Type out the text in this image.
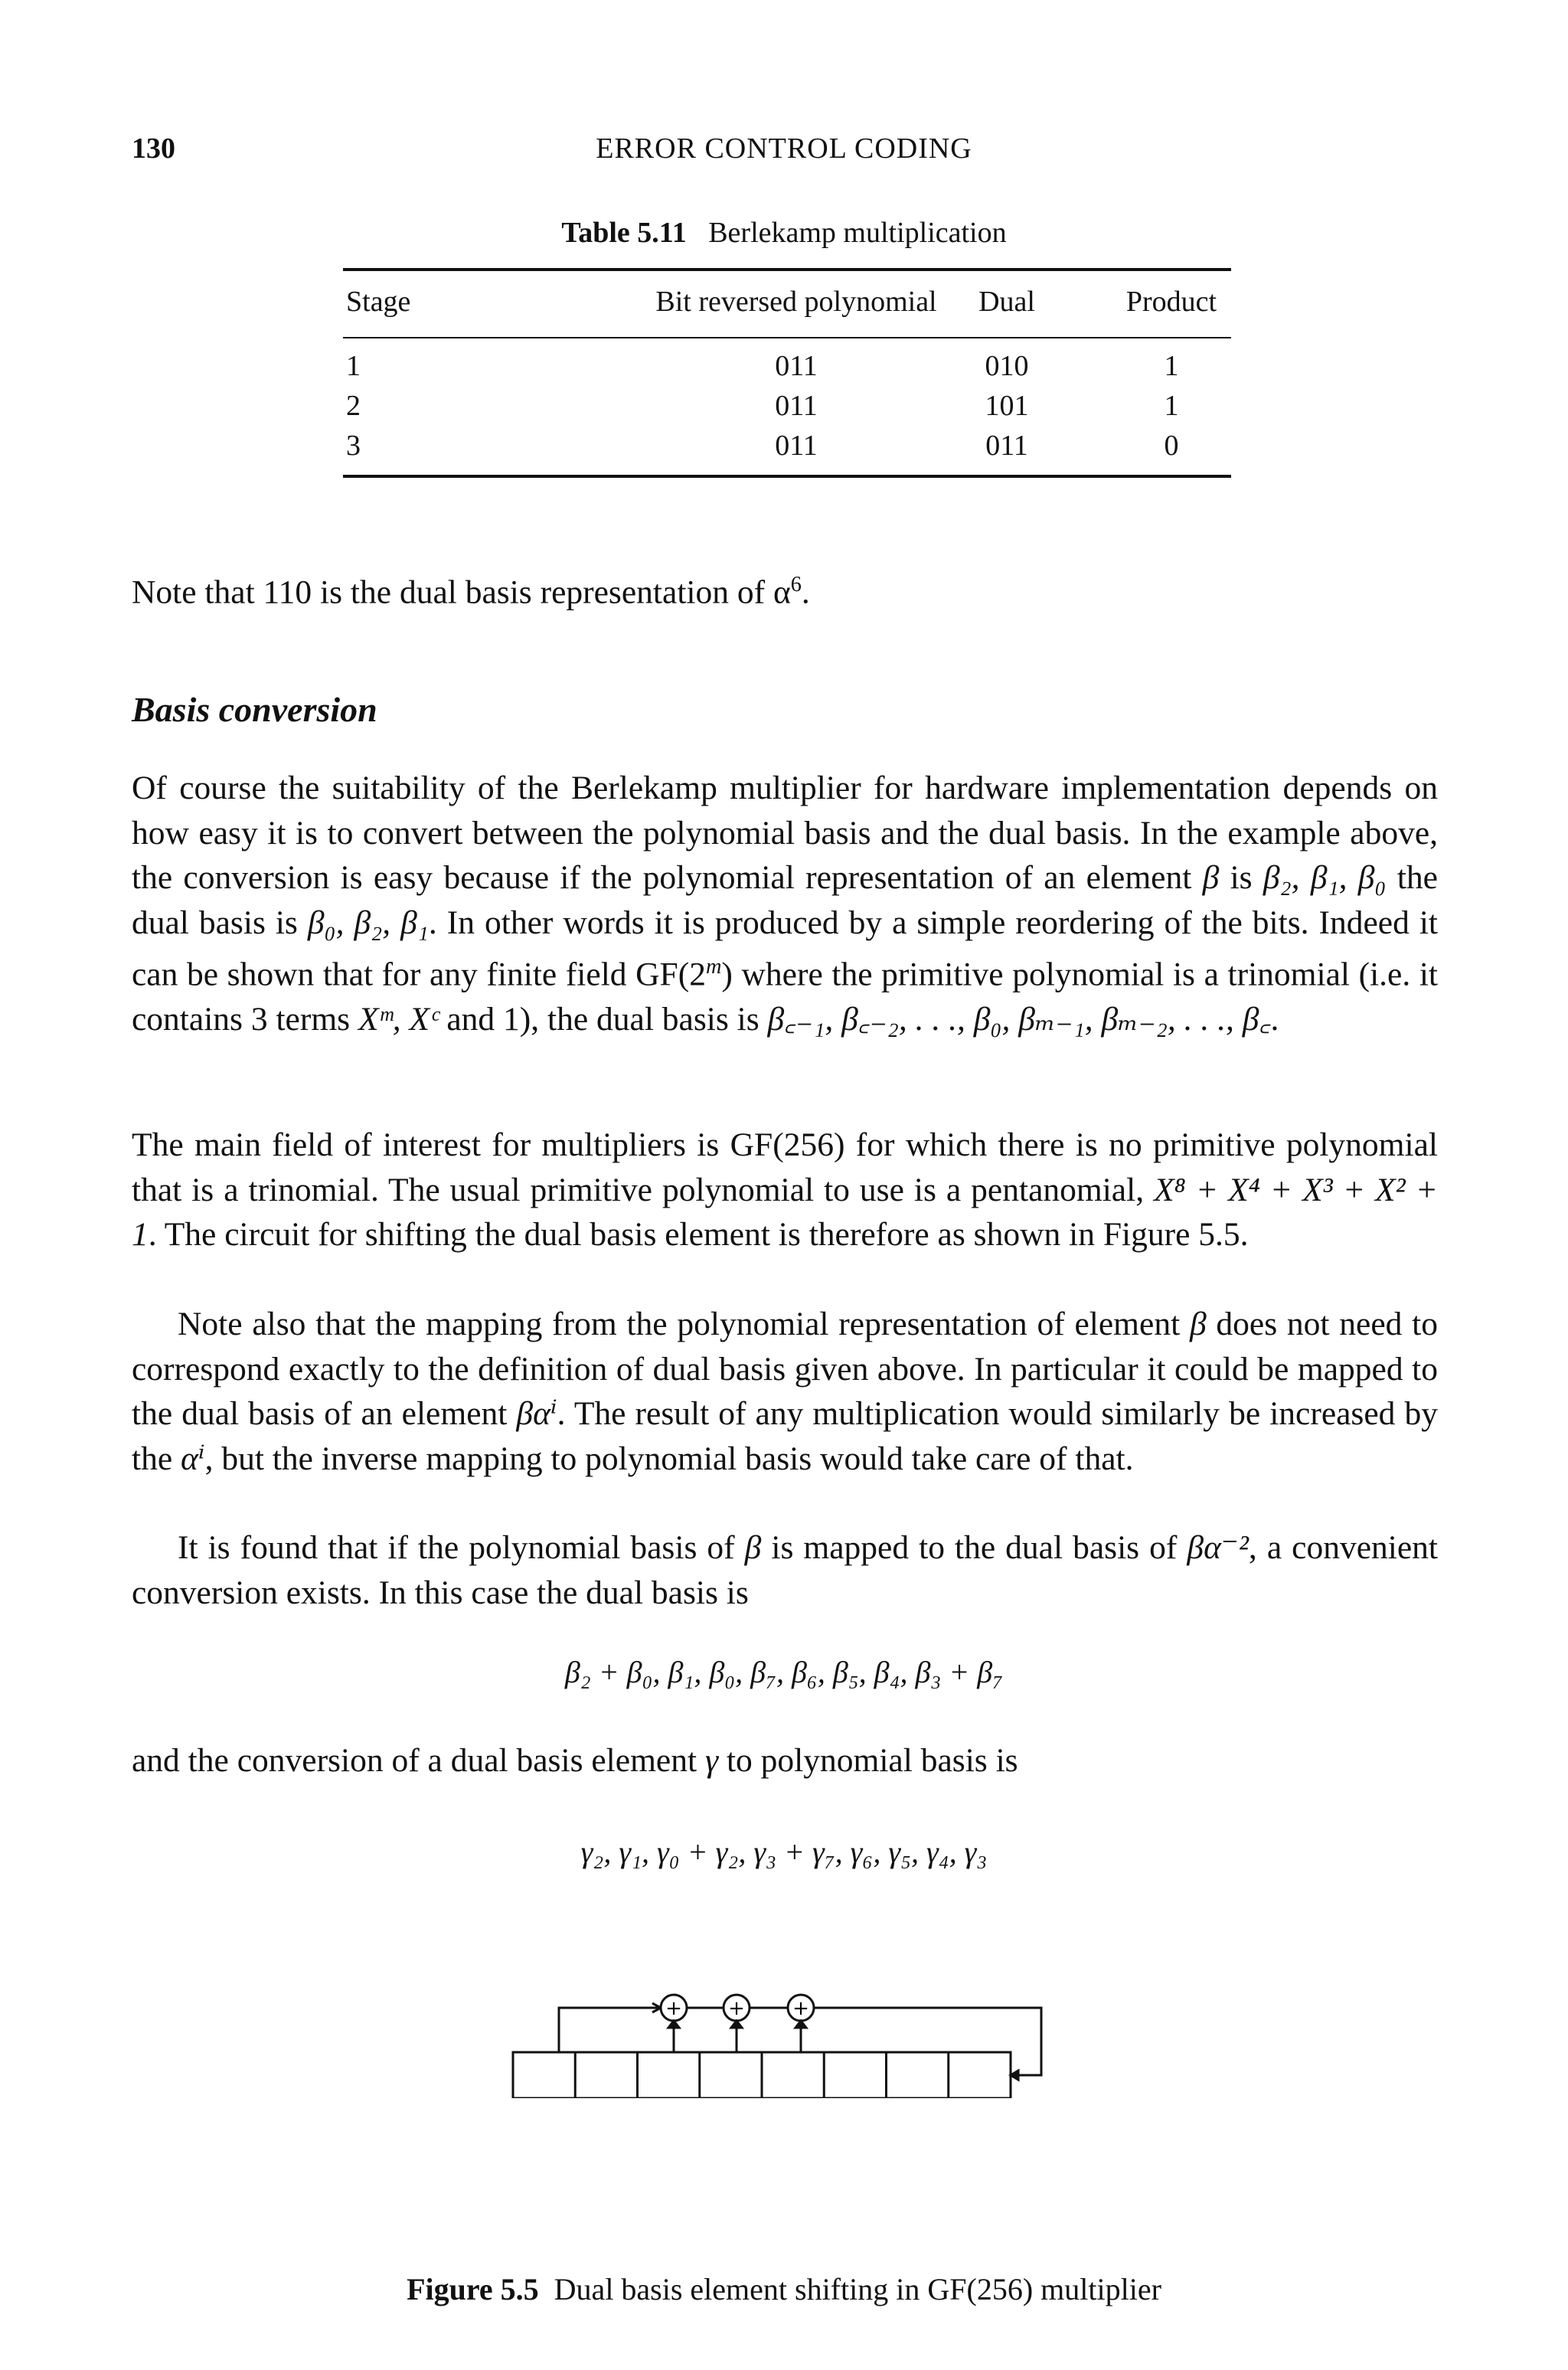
130	ERROR CONTROL CODING
Table 5.11 Berlekamp multiplication
Stage	Bit reversed polynomial	Dual	Product
1	011	010	1
2	011	101	1
3	011	011	0
Note that 110 is the dual basis representation of $\alpha^6$.
Basis conversion
Of course the suitability of the Berlekamp multiplier for hardware implementation depends on how easy it is to convert between the polynomial basis and the dual basis. In the example above, the conversion is easy because if the polynomial representation of an element β is β₂, β₁, β₀ the dual basis is β₀, β₂, β₁. In other words it is produced by a simple reordering of the bits. Indeed it can be shown that for any finite field GF(2$^m$) where the primitive polynomial is a trinomial (i.e. it contains 3 terms Xᵐ, Xᶜ and 1), the dual basis is β꜀₋₁, β꜀₋₂, . . ., β₀, βₘ₋₁, βₘ₋₂, . . ., β꜀.
The main field of interest for multipliers is GF(256) for which there is no primitive polynomial that is a trinomial. The usual primitive polynomial to use is a pentanomial, X⁸ + X⁴ + X³ + X² + 1. The circuit for shifting the dual basis element is therefore as shown in Figure 5.5.
Note also that the mapping from the polynomial representation of element β does not need to correspond exactly to the definition of dual basis given above. In particular it could be mapped to the dual basis of an element βαⁱ. The result of any multiplication would similarly be increased by the αⁱ, but the inverse mapping to polynomial basis would take care of that.
It is found that if the polynomial basis of β is mapped to the dual basis of βα⁻², a convenient conversion exists. In this case the dual basis is
β₂ + β₀, β₁, β₀, β₇, β₆, β₅, β₄, β₃ + β₇
and the conversion of a dual basis element γ to polynomial basis is
γ₂, γ₁, γ₀ + γ₂, γ₃ + γ₇, γ₆, γ₅, γ₄, γ₃
+ + +
Figure 5.5 Dual basis element shifting in GF(256) multiplier
